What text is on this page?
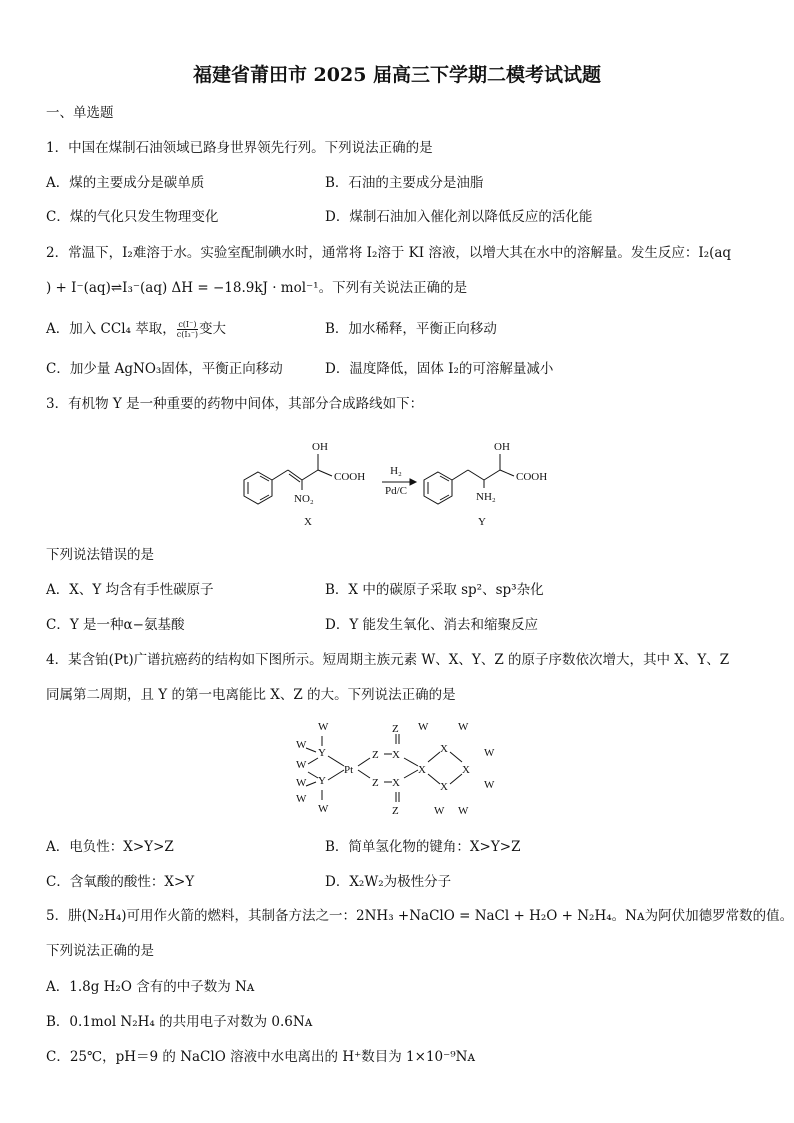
福建省莆田市 2025 届高三下学期二模考试试题
一、单选题
1．中国在煤制石油领域已路身世界领先行列。下列说法正确的是
A．煤的主要成分是碳单质	B．石油的主要成分是油脂
C．煤的气化只发生物理变化	D．煤制石油加入催化剂以降低反应的活化能
2．常温下，I₂难溶于水。实验室配制碘水时，通常将 I₂溶于 KI 溶液，以增大其在水中的溶解量。发生反应：I₂(aq
) + I⁻(aq)⇌I₃⁻(aq) ΔH = −18.9kJ · mol⁻¹。下列有关说法正确的是
A．加入 CCl₄ 萃取， $\frac{c(I^-)}{\text{c(I₃⁻)}}$ 变大	B．加水稀释，平衡正向移动
C．加少量 AgNO₃固体，平衡正向移动	D．温度降低，固体 I₂的可溶解量减小
3．有机物 Y 是一种重要的药物中间体，其部分合成路线如下：
OH
COOH
NO₂
H₂
Pd/C
OH
COOH
NH₂
X	Y
下列说法错误的是
A．X、Y 均含有手性碳原子	B．X 中的碳原子采取 sp²、sp³杂化
C．Y 是一种α−氨基酸	D．Y 能发生氧化、消去和缩聚反应
4．某含铂(Pt)广谱抗癌药的结构如下图所示。短周期主族元素 W、X、Y、Z 的原子序数依次增大，其中 X、Y、Z
同属第二周期，且 Y 的第一电离能比 X、Z 的大。下列说法正确的是
W
W
W
Y
W Y
W
W
Pt
Z
Z
Z
X
X
Z
X
X
X
X
W	W
W
W
W W
A．电负性：X>Y>Z	B．简单氢化物的键角：X>Y>Z
C．含氧酸的酸性：X>Y	D．X₂W₂为极性分子
5．肼(N₂H₄)可用作火箭的燃料，其制备方法之一：2NH₃ +NaClO = NaCl + H₂O + N₂H₄。Nᴀ为阿伏加德罗常数的值。
下列说法正确的是
A．1.8g H₂O 含有的中子数为 Nᴀ
B．0.1mol N₂H₄ 的共用电子对数为 0.6Nᴀ
C．25℃，pH＝9 的 NaClO 溶液中水电离出的 H⁺数目为 1×10⁻⁹Nᴀ
